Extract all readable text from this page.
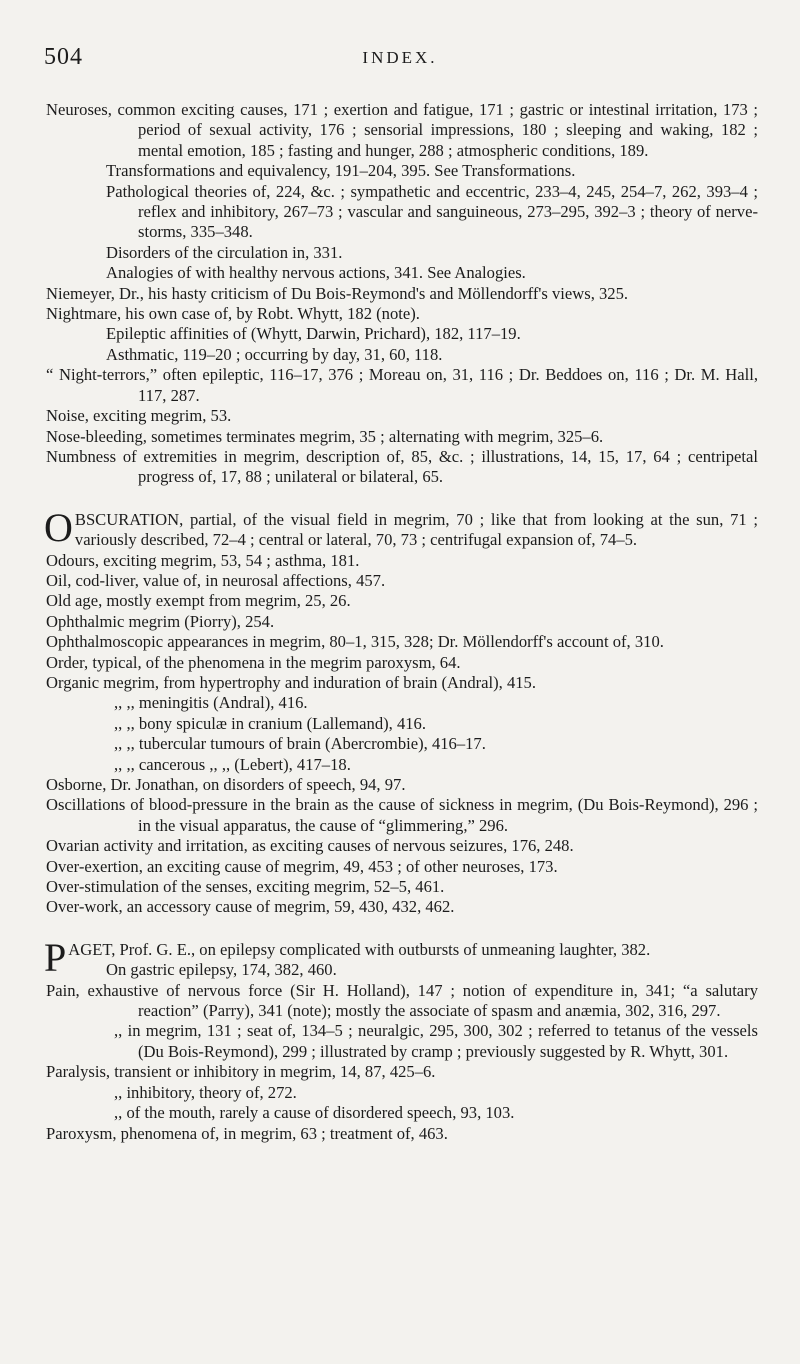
504	INDEX.

Neuroses, common exciting causes, 171 ; exertion and fatigue, 171 ; gastric or intestinal irritation, 173 ; period of sexual activity, 176 ; sensorial impressions, 180 ; sleeping and waking, 182 ; mental emotion, 185 ; fasting and hunger, 288 ; atmospheric conditions, 189.

Transformations and equivalency, 191–204, 395. See Transformations.

Pathological theories of, 224, &c. ; sympathetic and eccentric, 233–4, 245, 254–7, 262, 393–4 ; reflex and inhibitory, 267–73 ; vascular and sanguineous, 273–295, 392–3 ; theory of nerve-storms, 335–348.

Disorders of the circulation in, 331.

Analogies of with healthy nervous actions, 341. See Analogies.

Niemeyer, Dr., his hasty criticism of Du Bois-Reymond's and Möllendorff's views, 325.

Nightmare, his own case of, by Robt. Whytt, 182 (note).

Epileptic affinities of (Whytt, Darwin, Prichard), 182, 117–19.

Asthmatic, 119–20 ; occurring by day, 31, 60, 118.

“ Night-terrors,” often epileptic, 116–17, 376 ; Moreau on, 31, 116 ; Dr. Beddoes on, 116 ; Dr. M. Hall, 117, 287.

Noise, exciting megrim, 53.

Nose-bleeding, sometimes terminates megrim, 35 ; alternating with megrim, 325–6.

Numbness of extremities in megrim, description of, 85, &c. ; illustrations, 14, 15, 17, 64 ; centripetal progress of, 17, 88 ; unilateral or bilateral, 65.

OBSCURATION, partial, of the visual field in megrim, 70 ; like that from looking at the sun, 71 ; variously described, 72–4 ; central or lateral, 70, 73 ; centrifugal expansion of, 74–5.

Odours, exciting megrim, 53, 54 ; asthma, 181.

Oil, cod-liver, value of, in neurosal affections, 457.

Old age, mostly exempt from megrim, 25, 26.

Ophthalmic megrim (Piorry), 254.

Ophthalmoscopic appearances in megrim, 80–1, 315, 328; Dr. Möllendorff's account of, 310.

Order, typical, of the phenomena in the megrim paroxysm, 64.

Organic megrim, from hypertrophy and induration of brain (Andral), 415.

,, ,, meningitis (Andral), 416.

,, ,, bony spiculæ in cranium (Lallemand), 416.

,, ,, tubercular tumours of brain (Abercrombie), 416–17.

,, ,, cancerous ,, ,, (Lebert), 417–18.

Osborne, Dr. Jonathan, on disorders of speech, 94, 97.

Oscillations of blood-pressure in the brain as the cause of sickness in megrim, (Du Bois-Reymond), 296 ; in the visual apparatus, the cause of “glimmering,” 296.

Ovarian activity and irritation, as exciting causes of nervous seizures, 176, 248.

Over-exertion, an exciting cause of megrim, 49, 453 ; of other neuroses, 173.

Over-stimulation of the senses, exciting megrim, 52–5, 461.

Over-work, an accessory cause of megrim, 59, 430, 432, 462.

PAGET, Prof. G. E., on epilepsy complicated with outbursts of unmeaning laughter, 382.

On gastric epilepsy, 174, 382, 460.

Pain, exhaustive of nervous force (Sir H. Holland), 147 ; notion of expenditure in, 341; “a salutary reaction” (Parry), 341 (note); mostly the associate of spasm and anæmia, 302, 316, 297.

,, in megrim, 131 ; seat of, 134–5 ; neuralgic, 295, 300, 302 ; referred to tetanus of the vessels (Du Bois-Reymond), 299 ; illustrated by cramp ; previously suggested by R. Whytt, 301.

Paralysis, transient or inhibitory in megrim, 14, 87, 425–6.

,, inhibitory, theory of, 272.

,, of the mouth, rarely a cause of disordered speech, 93, 103.

Paroxysm, phenomena of, in megrim, 63 ; treatment of, 463.
